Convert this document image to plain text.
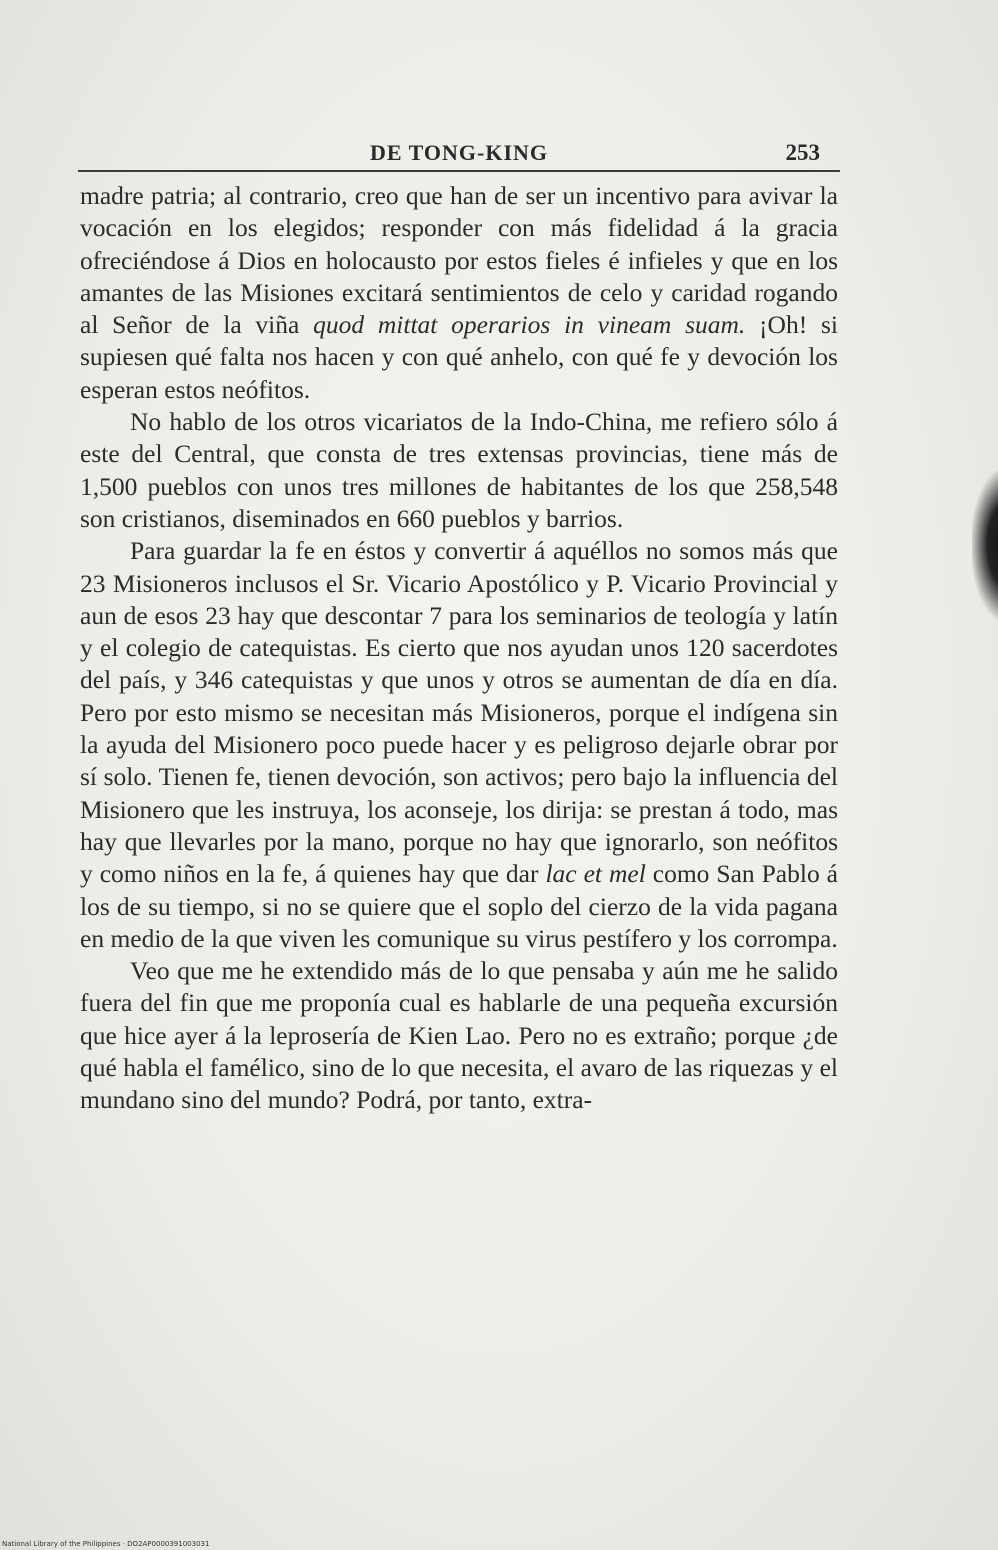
DE TONG-KING	253

madre patria; al contrario, creo que han de ser un incentivo para avivar la vocación en los elegidos; responder con más fidelidad á la gracia ofreciéndose á Dios en holocausto por estos fieles é infieles y que en los amantes de las Misiones excitará sentimientos de celo y caridad rogando al Señor de la viña quod mittat operarios in vineam suam. ¡Oh! si supiesen qué falta nos hacen y con qué anhelo, con qué fe y devoción los esperan estos neófitos.

No hablo de los otros vicariatos de la Indo-China, me refiero sólo á este del Central, que consta de tres extensas provincias, tiene más de 1,500 pueblos con unos tres millones de habitantes de los que 258,548 son cristianos, diseminados en 660 pueblos y barrios.

Para guardar la fe en éstos y convertir á aquéllos no somos más que 23 Misioneros inclusos el Sr. Vicario Apostólico y P. Vicario Provincial y aun de esos 23 hay que descontar 7 para los seminarios de teología y latín y el colegio de catequistas. Es cierto que nos ayudan unos 120 sacerdotes del país, y 346 catequistas y que unos y otros se aumentan de día en día. Pero por esto mismo se necesitan más Misioneros, porque el indígena sin la ayuda del Misionero poco puede hacer y es peligroso dejarle obrar por sí solo. Tienen fe, tienen devoción, son activos; pero bajo la influencia del Misionero que les instruya, los aconseje, los dirija: se prestan á todo, mas hay que llevarles por la mano, porque no hay que ignorarlo, son neófitos y como niños en la fe, á quienes hay que dar lac et mel como San Pablo á los de su tiempo, si no se quiere que el soplo del cierzo de la vida pagana en medio de la que viven les comunique su virus pestífero y los corrompa.

Veo que me he extendido más de lo que pensaba y aún me he salido fuera del fin que me proponía cual es hablarle de una pequeña excursión que hice ayer á la leprosería de Kien Lao. Pero no es extraño; porque ¿de qué habla el famélico, sino de lo que necesita, el avaro de las riquezas y el mundano sino del mundo? Podrá, por tanto, extra-

National Library of the Philippines · DO2AP0000391003031
